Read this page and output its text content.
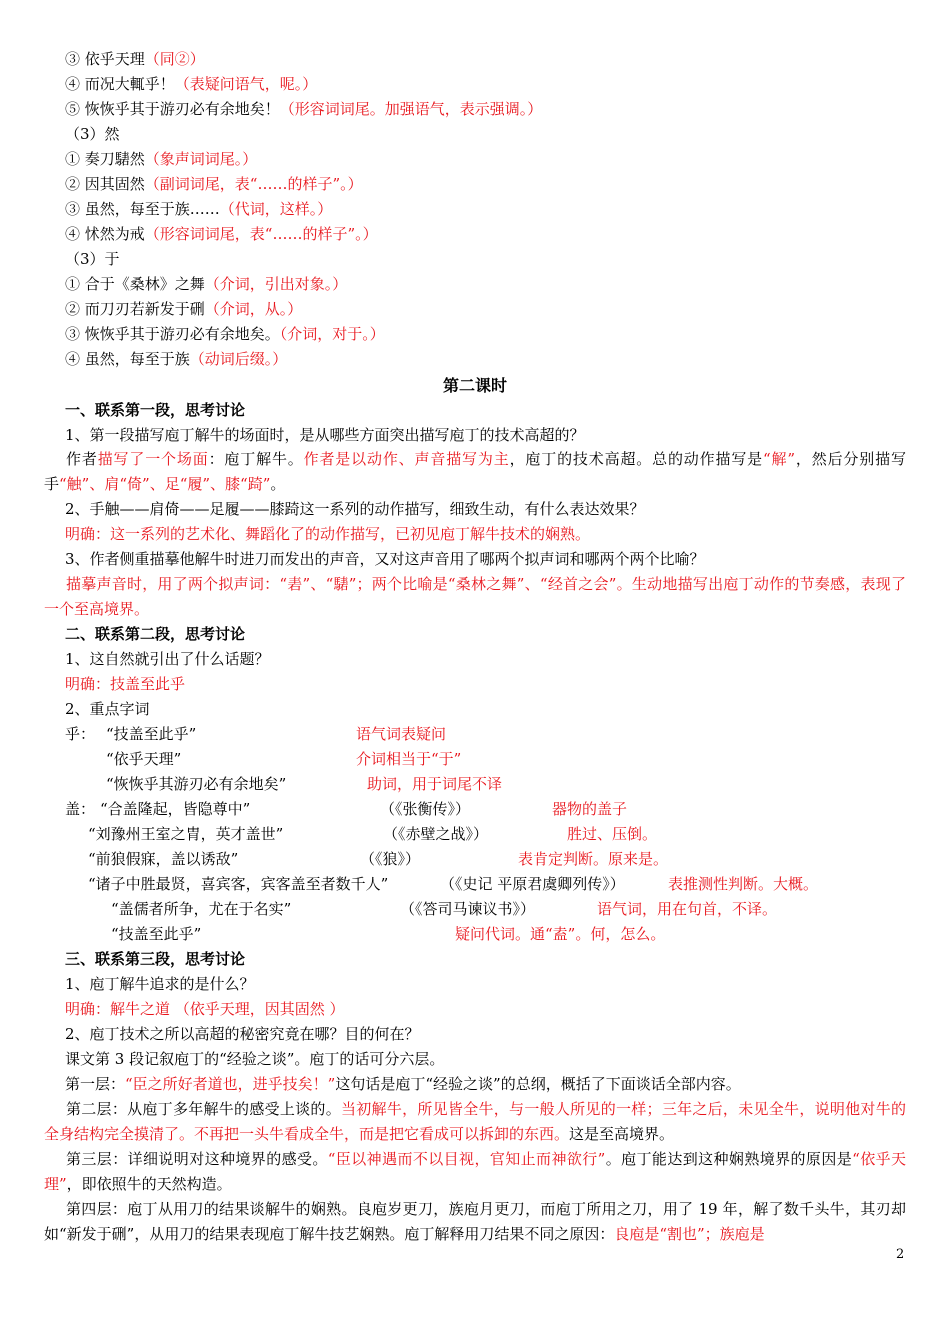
③ 依乎天理（同②）
④ 而况大輒乎！（表疑问语气，呢。）
⑤ 恢恢乎其于游刃必有余地矣！（形容词词尾。加强语气，表示强调。）
（3）然
① 奏刀騞然（象声词词尾。）
② 因其固然（副词词尾，表“……的样子”。）
③ 虽然，每至于族……（代词，这样。）
④ 怵然为戒（形容词词尾，表“……的样子”。）
（3）于
① 合于《桑林》之舞（介词，引出对象。）
② 而刀刃若新发于硎（介词，从。）
③ 恢恢乎其于游刃必有余地矣。（介词，对于。）
④ 虽然，每至于族（动词后缀。）
第二课时
一、联系第一段，思考讨论
1、第一段描写庖丁解牛的场面时，是从哪些方面突出描写庖丁的技术高超的？
作者描写了一个场面：庖丁解牛。作者是以动作、声音描写为主，庖丁的技术高超。总的动作描写是“解”，然后分别描写手“触”、肩“倚”、足“履”、膝“踦”。
2、手触——肩倚——足履——膝踦这一系列的动作描写，细致生动，有什么表达效果？
明确：这一系列的艺术化、舞蹈化了的动作描写，已初见庖丁解牛技术的娴熟。
3、作者侧重描摹他解牛时进刀而发出的声音，又对这声音用了哪两个拟声词和哪两个两个比喻？
描摹声音时，用了两个拟声词：“砉”、“騞”；两个比喻是“桑林之舞”、“经首之会”。生动地描写出庖丁动作的节奏感，表现了一个至高境界。
二、联系第二段，思考讨论
1、这自然就引出了什么话题？
明确：技盖至此乎
2、重点字词
乎： “技盖至此乎”	语气词表疑问
“依乎天理”	介词相当于“于”
“恢恢乎其游刃必有余地矣”	助词，用于词尾不译
盖： “合盖隆起，皆隐尊中”	（《张衡传》）	器物的盖子
“刘豫州王室之胄，英才盖世”	（《赤壁之战》）	胜过、压倒。
“前狼假寐，盖以诱敌”	（《狼》）	表肯定判断。原来是。
“诸子中胜最贤，喜宾客，宾客盖至者数千人”	（《史记 平原君虞卿列传》）	表推测性判断。大概。
“盖儒者所争，尤在于名实”	（《答司马谏议书》）	语气词，用在句首，不译。
“技盖至此乎”	疑问代词。通“盍”。何，怎么。
三、联系第三段，思考讨论
1、庖丁解牛追求的是什么？
明确：解牛之道 （依乎天理，因其固然 ）
2、庖丁技术之所以高超的秘密究竟在哪？目的何在？
课文第 3 段记叙庖丁的“经验之谈”。庖丁的话可分六层。
第一层：“臣之所好者道也，进乎技矣！”这句话是庖丁“经验之谈”的总纲，概括了下面谈话全部内容。
第二层：从庖丁多年解牛的感受上谈的。当初解牛，所见皆全牛，与一般人所见的一样；三年之后，未见全牛，说明他对牛的全身结构完全摸清了。不再把一头牛看成全牛，而是把它看成可以拆卸的东西。这是至高境界。
第三层：详细说明对这种境界的感受。“臣以神遇而不以目视，官知止而神欲行”。庖丁能达到这种娴熟境界的原因是“依乎天理”，即依照牛的天然构造。
第四层：庖丁从用刀的结果谈解牛的娴熟。良庖岁更刀，族庖月更刀，而庖丁所用之刀，用了 19 年，解了数千头牛，其刃却如“新发于硎”，从用刀的结果表现庖丁解牛技艺娴熟。庖丁解释用刀结果不同之原因：良庖是“割也”；族庖是
2
